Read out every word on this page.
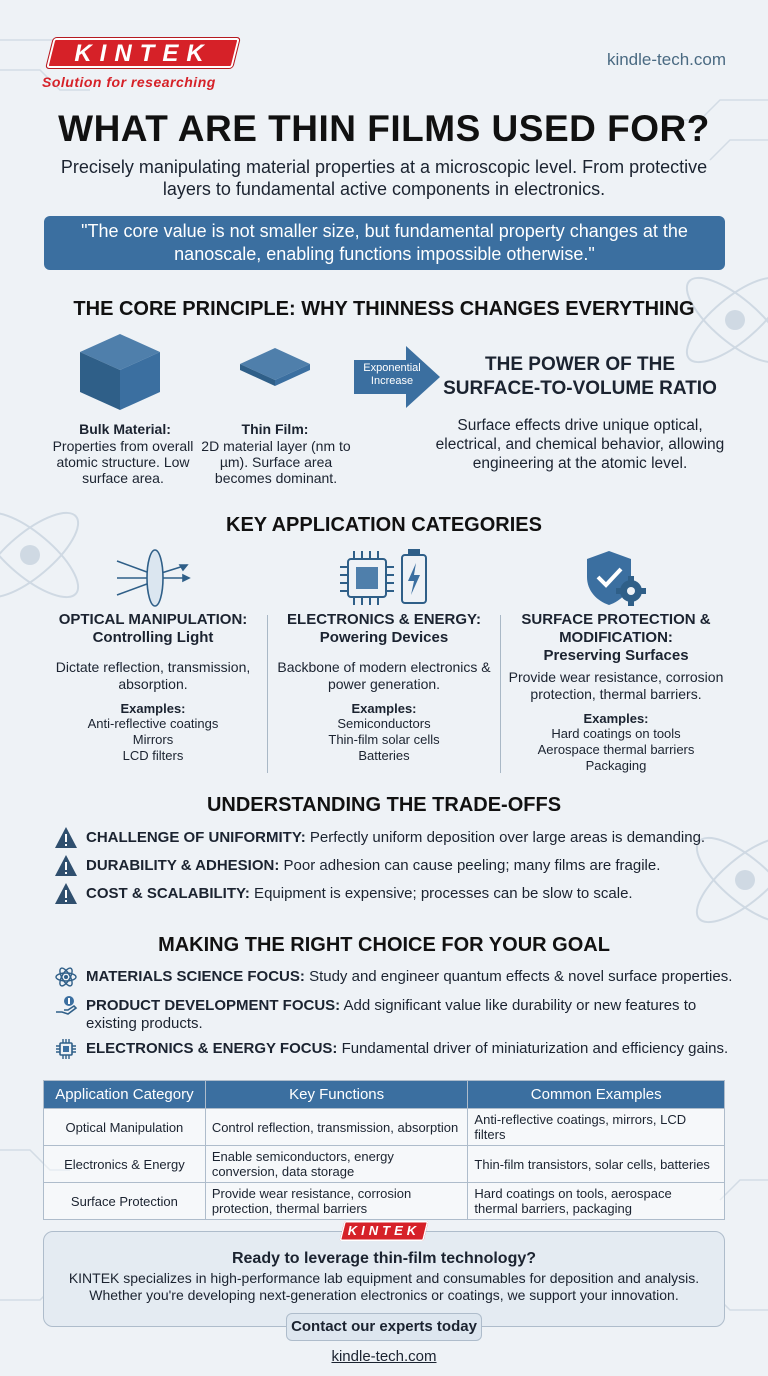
KINTEK
Solution for researching
kindle-tech.com
WHAT ARE THIN FILMS USED FOR?
Precisely manipulating material properties at a microscopic level. From protective layers to fundamental active components in electronics.
"The core value is not smaller size, but fundamental property changes at the nanoscale, enabling functions impossible otherwise."
THE CORE PRINCIPLE: WHY THINNESS CHANGES EVERYTHING
Bulk Material:
Properties from overall atomic structure. Low surface area.
Thin Film:
2D material layer (nm to µm). Surface area becomes dominant.
Exponential Increase
THE POWER OF THE SURFACE-TO-VOLUME RATIO
Surface effects drive unique optical, electrical, and chemical behavior, allowing engineering at the atomic level.
KEY APPLICATION CATEGORIES
OPTICAL MANIPULATION:
Controlling Light
Dictate reflection, transmission, absorption.
Examples:
Anti-reflective coatings
Mirrors
LCD filters
ELECTRONICS & ENERGY:
Powering Devices
Backbone of modern electronics & power generation.
Examples:
Semiconductors
Thin-film solar cells
Batteries
SURFACE PROTECTION & MODIFICATION:
Preserving Surfaces
Provide wear resistance, corrosion protection, thermal barriers.
Examples:
Hard coatings on tools
Aerospace thermal barriers
Packaging
UNDERSTANDING THE TRADE-OFFS
CHALLENGE OF UNIFORMITY: Perfectly uniform deposition over large areas is demanding.
DURABILITY & ADHESION: Poor adhesion can cause peeling; many films are fragile.
COST & SCALABILITY: Equipment is expensive; processes can be slow to scale.
MAKING THE RIGHT CHOICE FOR YOUR GOAL
MATERIALS SCIENCE FOCUS: Study and engineer quantum effects & novel surface properties.
PRODUCT DEVELOPMENT FOCUS: Add significant value like durability or new features to existing products.
ELECTRONICS & ENERGY FOCUS: Fundamental driver of miniaturization and efficiency gains.
Application Category	Key Functions	Common Examples
Optical Manipulation	Control reflection, transmission, absorption	Anti-reflective coatings, mirrors, LCD filters
Electronics & Energy	Enable semiconductors, energy conversion, data storage	Thin-film transistors, solar cells, batteries
Surface Protection	Provide wear resistance, corrosion protection, thermal barriers	Hard coatings on tools, aerospace thermal barriers, packaging
KINTEK
Ready to leverage thin-film technology?
KINTEK specializes in high-performance lab equipment and consumables for deposition and analysis. Whether you're developing next-generation electronics or coatings, we support your innovation.
Contact our experts today
kindle-tech.com
